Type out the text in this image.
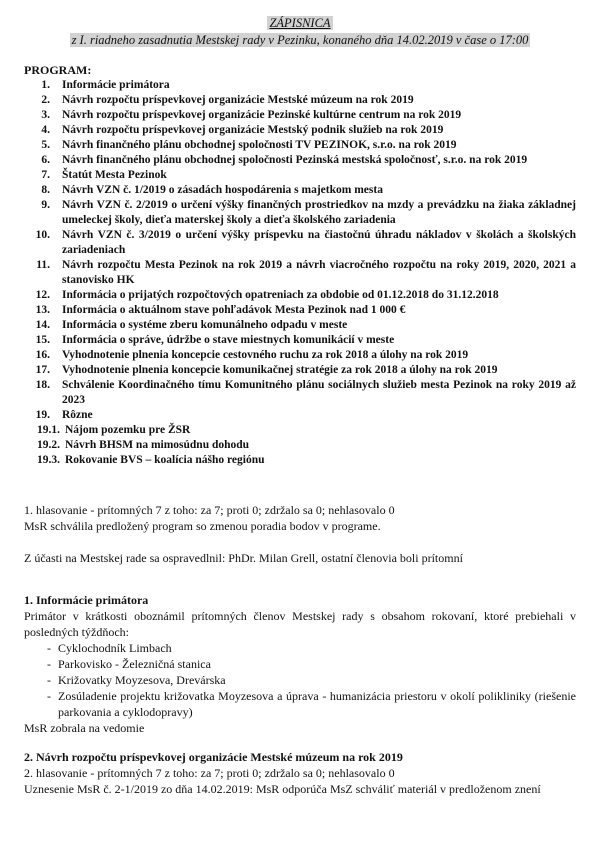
ZÁPISNICA
z I. riadneho zasadnutia Mestskej rady v Pezinku, konaného dňa 14.02.2019 v čase o 17:00
PROGRAM:
1. Informácie primátora
2. Návrh rozpočtu príspevkovej organizácie Mestské múzeum na rok 2019
3. Návrh rozpočtu príspevkovej organizácie Pezinské kultúrne centrum na rok 2019
4. Návrh rozpočtu príspevkovej organizácie Mestský podnik služieb na rok 2019
5. Návrh finančného plánu obchodnej spoločnosti TV PEZINOK, s.r.o. na rok 2019
6. Návrh finančného plánu obchodnej spoločnosti Pezinská mestská spoločnosť, s.r.o. na rok 2019
7. Štatút Mesta Pezinok
8. Návrh VZN č. 1/2019 o zásadách hospodárenia s majetkom mesta
9. Návrh VZN č. 2/2019 o určení výšky finančných prostriedkov na mzdy a prevádzku na žiaka základnej umeleckej školy, dieťa materskej školy a dieťa školského zariadenia
10. Návrh VZN č. 3/2019 o určení výšky príspevku na čiastočnú úhradu nákladov v školách a školských zariadeniach
11. Návrh rozpočtu Mesta Pezinok na rok 2019 a návrh viacročného rozpočtu na roky 2019, 2020, 2021 a stanovisko HK
12. Informácia o prijatých rozpočtových opatreniach za obdobie od 01.12.2018 do 31.12.2018
13. Informácia o aktuálnom stave pohľadávok Mesta Pezinok nad 1 000 €
14. Informácia o systéme zberu komunálneho odpadu v meste
15. Informácia o správe, údržbe o stave miestnych komunikácií v meste
16. Vyhodnotenie plnenia koncepcie cestovného ruchu za rok 2018 a úlohy na rok 2019
17. Vyhodnotenie plnenia koncepcie komunikačnej stratégie za rok 2018 a úlohy na rok 2019
18. Schválenie Koordinačného tímu Komunitného plánu sociálnych služieb mesta Pezinok na roky 2019 až 2023
19. Rôzne
19.1. Nájom pozemku pre ŽSR
19.2. Návrh BHSM na mimosúdnu dohodu
19.3. Rokovanie BVS – koalícia nášho regiónu
1. hlasovanie - prítomných 7 z toho: za 7; proti 0; zdržalo sa 0; nehlasovalo 0
MsR schválila predložený program so zmenou poradia bodov v programe.
Z účasti na Mestskej rade sa ospravedlnil: PhDr. Milan Grell, ostatní členovia boli prítomní
1. Informácie primátora
Primátor v krátkosti oboznámil prítomných členov Mestskej rady s obsahom rokovaní, ktoré prebiehali v posledných týždňoch:
- Cyklochodník Limbach
- Parkovisko - Železničná stanica
- Križovatky Moyzesova, Drevárska
- Zosúladenie projektu križovatka Moyzesova a úprava - humanizácia priestoru v okolí polikliniky (riešenie parkovania a cyklodopravy)
MsR zobrala na vedomie
2. Návrh rozpočtu príspevkovej organizácie Mestské múzeum na rok 2019
2. hlasovanie - prítomných 7 z toho: za 7; proti 0; zdržalo sa 0; nehlasovalo 0
Uznesenie MsR č. 2-1/2019 zo dňa 14.02.2019: MsR odporúča MsZ schváliť materiál v predloženom znení
